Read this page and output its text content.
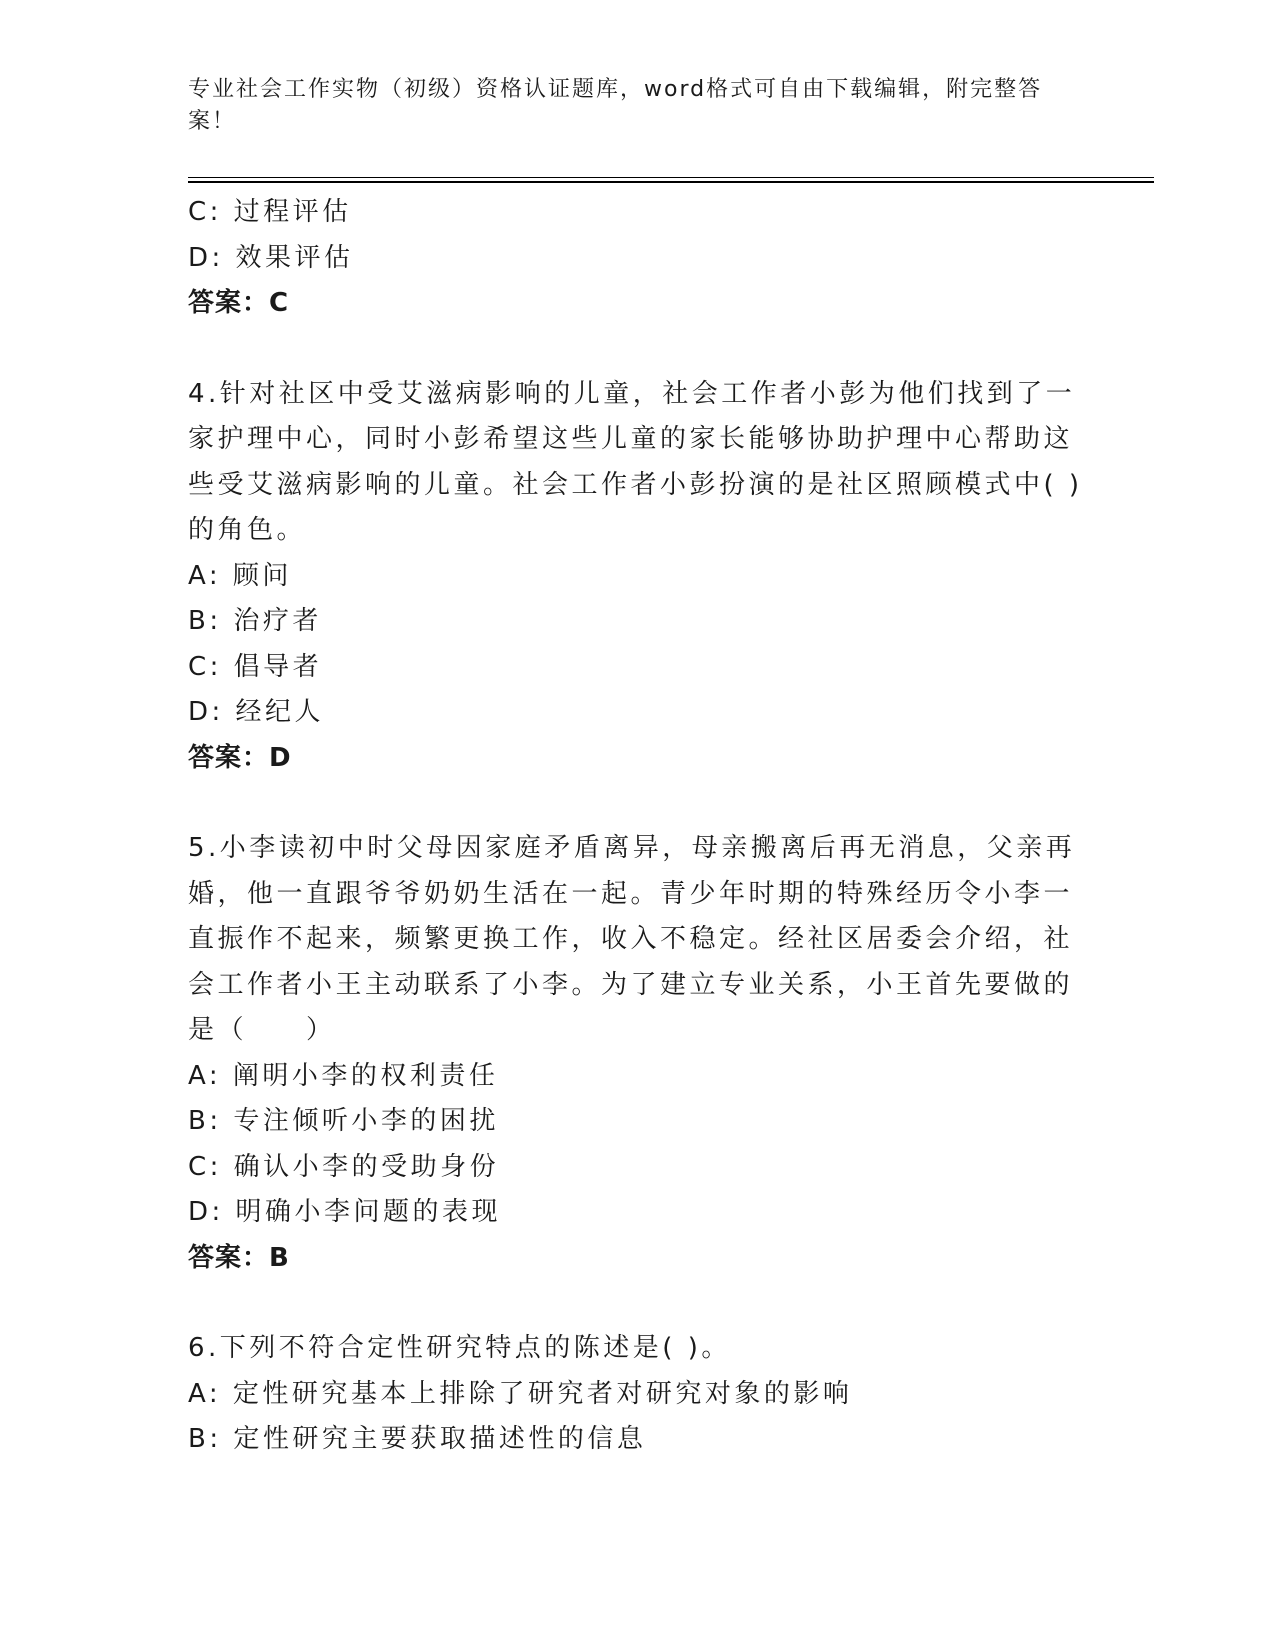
专业社会工作实物（初级）资格认证题库，word格式可自由下载编辑，附完整答案！
C: 过程评估
D: 效果评估
答案：C
4.针对社区中受艾滋病影响的儿童，社会工作者小彭为他们找到了一
家护理中心，同时小彭希望这些儿童的家长能够协助护理中心帮助这
些受艾滋病影响的儿童。社会工作者小彭扮演的是社区照顾模式中( )
的角色。
A: 顾问
B: 治疗者
C: 倡导者
D: 经纪人
答案：D
5.小李读初中时父母因家庭矛盾离异，母亲搬离后再无消息，父亲再
婚，他一直跟爷爷奶奶生活在一起。青少年时期的特殊经历令小李一
直振作不起来，频繁更换工作，收入不稳定。经社区居委会介绍，社
会工作者小王主动联系了小李。为了建立专业关系，小王首先要做的
是（　　）
A: 阐明小李的权利责任
B: 专注倾听小李的困扰
C: 确认小李的受助身份
D: 明确小李问题的表现
答案：B
6.下列不符合定性研究特点的陈述是( )。
A: 定性研究基本上排除了研究者对研究对象的影响
B: 定性研究主要获取描述性的信息
